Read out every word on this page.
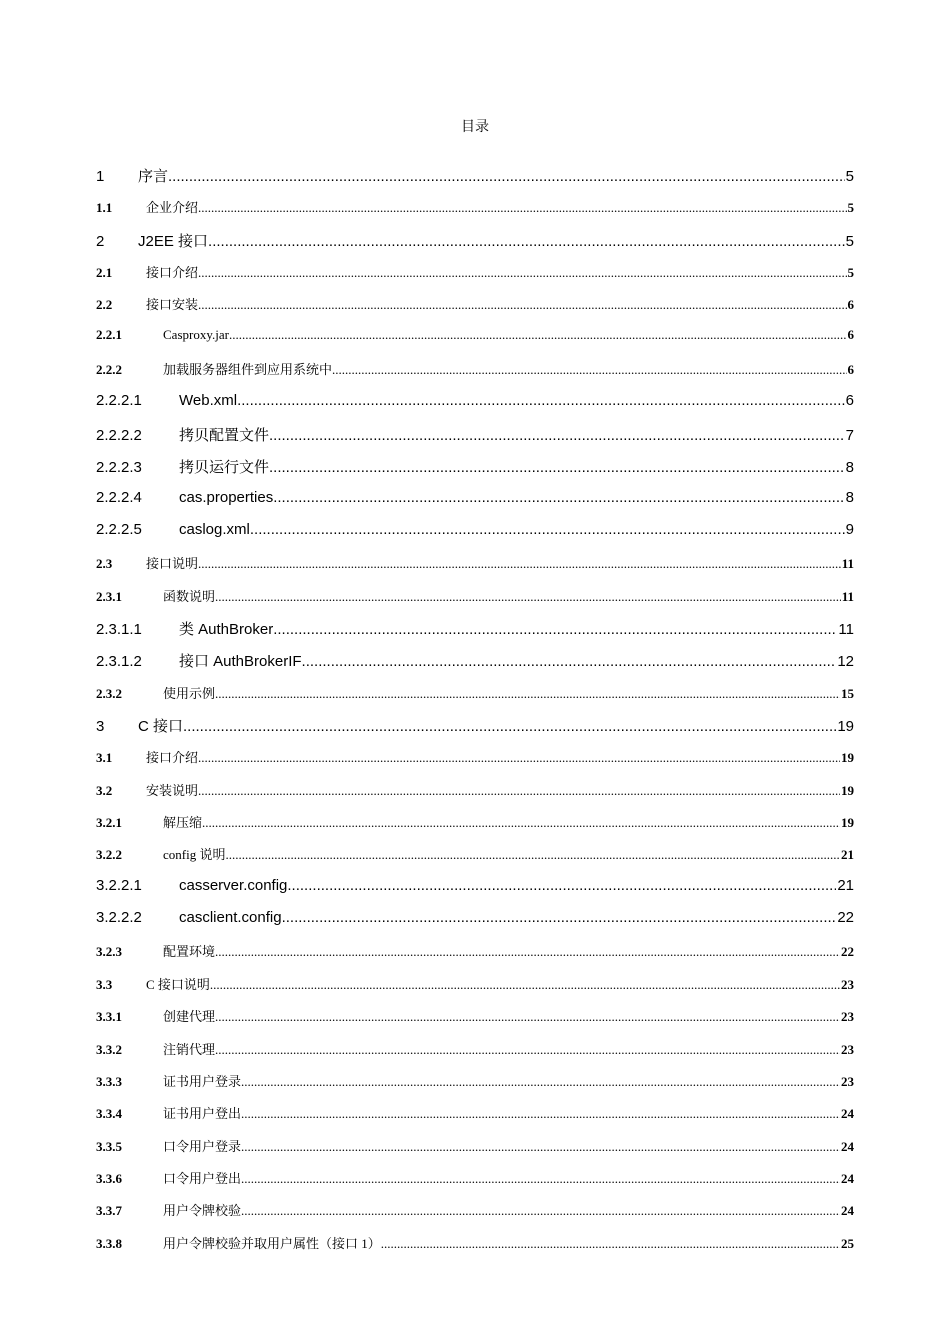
目录
1	序言 .....	5
1.1	企业介绍 .....	5
2	J2EE 接口 .....	5
2.1	接口介绍 .....	5
2.2	接口安装 .....	6
2.2.1	Casproxy.jar .....	6
2.2.2	加载服务器组件到应用系统中 .....	6
2.2.2.1	Web.xml .....	6
2.2.2.2	拷贝配置文件 .....	7
2.2.2.3	拷贝运行文件 .....	8
2.2.2.4	cas.properties .....	8
2.2.2.5	caslog.xml .....	9
2.3	接口说明 .....	11
2.3.1	函数说明 .....	11
2.3.1.1	类 AuthBroker .....	11
2.3.1.2	接口 AuthBrokerIF .....	12
2.3.2	使用示例 .....	15
3	C 接口 .....	19
3.1	接口介绍 .....	19
3.2	安装说明 .....	19
3.2.1	解压缩 .....	19
3.2.2	config 说明 .....	21
3.2.2.1	casserver.config .....	21
3.2.2.2	casclient.config .....	22
3.2.3	配置环境 .....	22
3.3	C 接口说明 .....	23
3.3.1	创建代理 .....	23
3.3.2	注销代理 .....	23
3.3.3	证书用户登录 .....	23
3.3.4	证书用户登出 .....	24
3.3.5	口令用户登录 .....	24
3.3.6	口令用户登出 .....	24
3.3.7	用户令牌校验 .....	24
3.3.8	用户令牌校验并取用户属性（接口 1） .....	25
